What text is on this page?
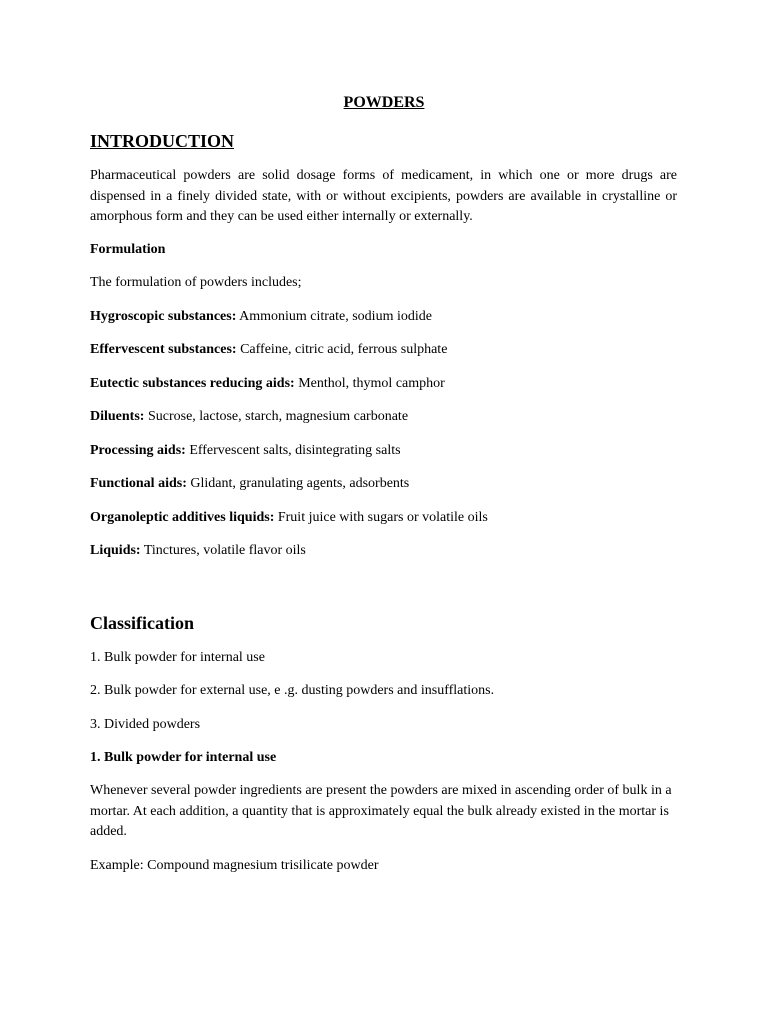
POWDERS
INTRODUCTION
Pharmaceutical powders are solid dosage forms of medicament, in which one or more drugs are dispensed in a finely divided state, with or without excipients, powders are available in crystalline or amorphous form and they can be used either internally or externally.
Formulation
The formulation of powders includes;
Hygroscopic substances: Ammonium citrate, sodium iodide
Effervescent substances: Caffeine, citric acid, ferrous sulphate
Eutectic substances reducing aids: Menthol, thymol camphor
Diluents: Sucrose, lactose, starch, magnesium carbonate
Processing aids: Effervescent salts, disintegrating salts
Functional aids: Glidant, granulating agents, adsorbents
Organoleptic additives liquids: Fruit juice with sugars or volatile oils
Liquids: Tinctures, volatile flavor oils
Classification
1. Bulk powder for internal use
2. Bulk powder for external use, e .g. dusting powders and insufflations.
3. Divided powders
1. Bulk powder for internal use
Whenever several powder ingredients are present the powders are mixed in ascending order of bulk in a mortar. At each addition, a quantity that is approximately equal the bulk already existed in the mortar is added.
Example: Compound magnesium trisilicate powder
